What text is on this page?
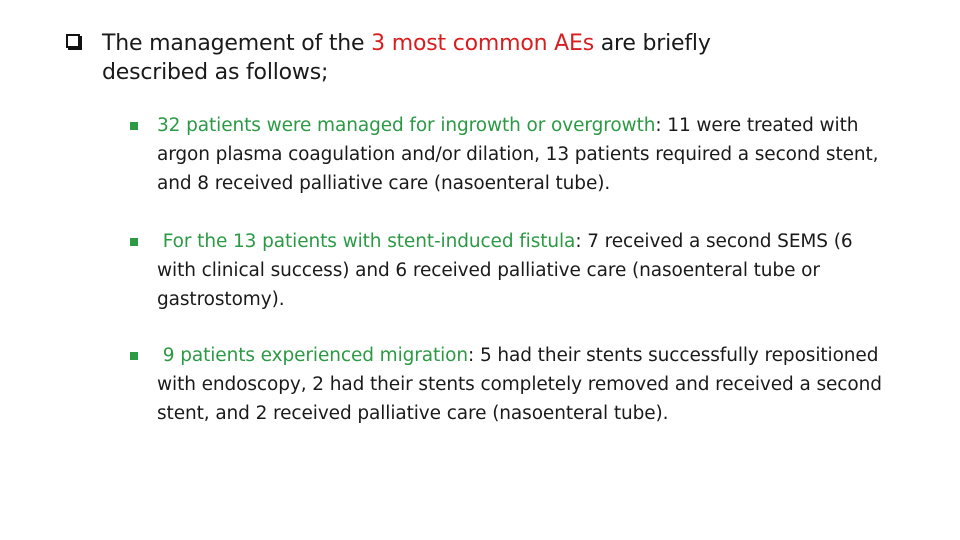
The management of the 3 most common AEs are briefly described as follows;
32 patients were managed for ingrowth or overgrowth: 11 were treated with argon plasma coagulation and/or dilation, 13 patients required a second stent, and 8 received palliative care (nasoenteral tube).
For the 13 patients with stent-induced fistula: 7 received a second SEMS (6 with clinical success) and 6 received palliative care (nasoenteral tube or gastrostomy).
9 patients experienced migration: 5 had their stents successfully repositioned with endoscopy, 2 had their stents completely removed and received a second stent, and 2 received palliative care (nasoenteral tube).
